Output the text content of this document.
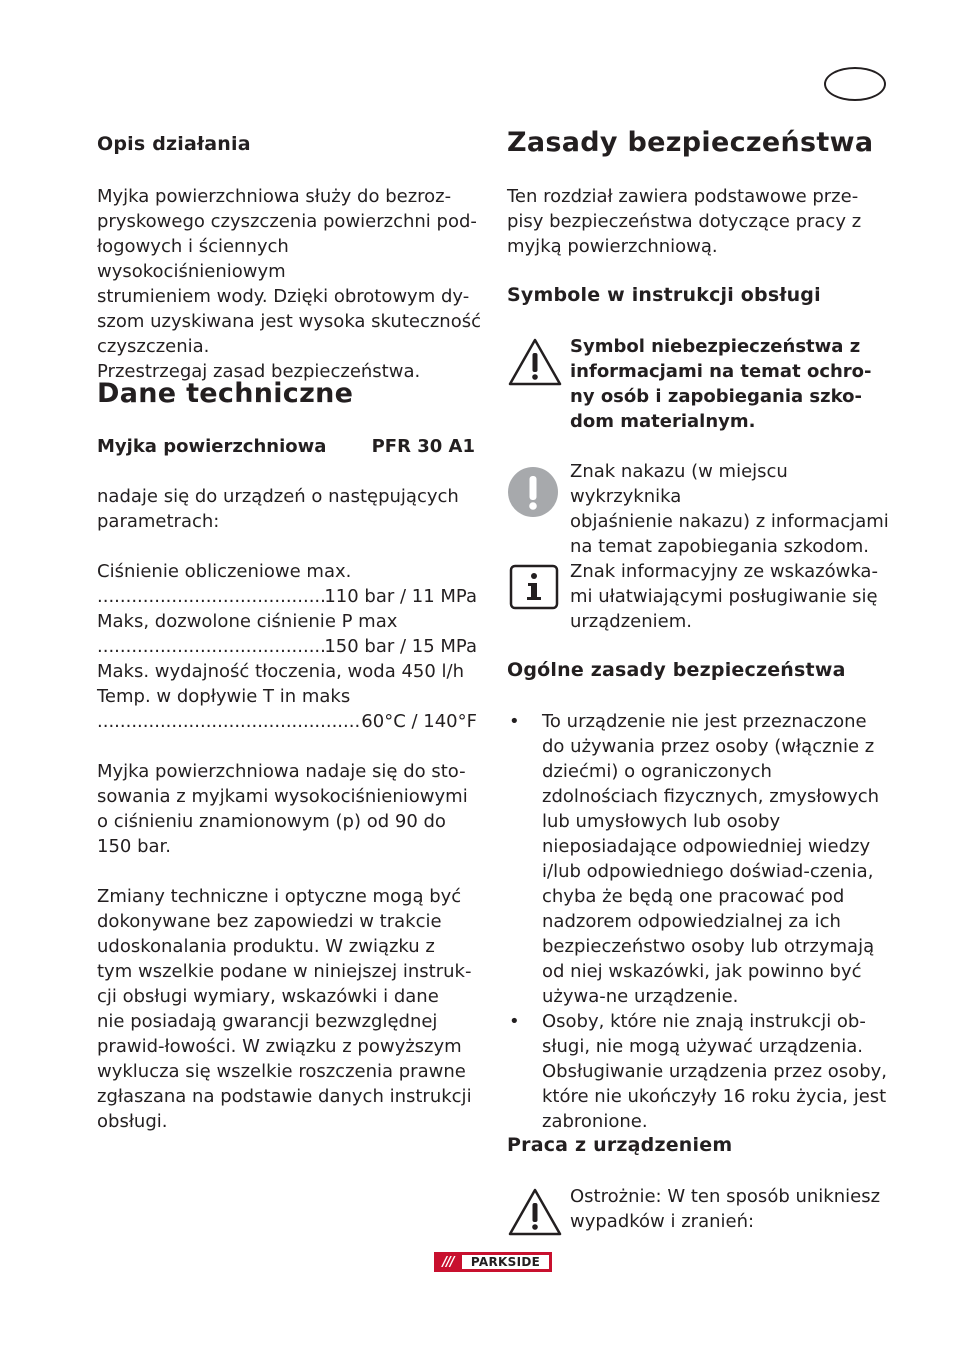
Opis działania
Myjka powierzchniowa służy do bezroz-
pryskowego czyszczenia powierzchni pod-
łogowych i ściennych wysokociśnieniowym
strumieniem wody. Dzięki obrotowym dy-
szom uzyskiwana jest wysoka skuteczność
czyszczenia.
Przestrzegaj zasad bezpieczeństwa.
Dane techniczne
Myjka powierzchniowa	PFR 30 A1
nadaje się do urządzeń o następujących
parametrach:
Ciśnienie obliczeniowe max.
.....
110 bar / 11 MPa
Maks, dozwolone ciśnienie P max
.....
150 bar / 15 MPa
Maks. wydajność tłoczenia, woda 450 l/h
Temp. w dopływie T in maks
.....
60°C / 140°F
Myjka powierzchniowa nadaje się do sto-
sowania z myjkami wysokociśnieniowymi
o ciśnieniu znamionowym (p) od 90 do
150 bar.
Zmiany techniczne i optyczne mogą być
dokonywane bez zapowiedzi w trakcie
udoskonalania produktu. W związku z
tym wszelkie podane w niniejszej instruk-
cji obsługi wymiary, wskazówki i dane
nie posiadają gwarancji bezwzględnej
prawid-łowości. W związku z powyższym
wyklucza się wszelkie roszczenia prawne
zgłaszana na podstawie danych instrukcji
obsługi.
Zasady bezpieczeństwa
Ten rozdział zawiera podstawowe prze-
pisy bezpieczeństwa dotyczące pracy z
myjką powierzchniową.
Symbole w instrukcji obsługi
Symbol niebezpieczeństwa z
informacjami na temat ochro-
ny osób i zapobiegania szko-
dom materialnym.
Znak nakazu (w miejscu wykrzyknika
objaśnienie nakazu) z informacjami
na temat zapobiegania szkodom.
Znak informacyjny ze wskazówka-
mi ułatwiającymi posługiwanie się
urządzeniem.
Ogólne zasady bezpieczeństwa
• To urządzenie nie jest przeznaczone do używania przez osoby (włącznie z dziećmi) o ograniczonych zdolnościach fizycznych, zmysłowych lub umysłowych lub osoby nieposiadające odpowiedniej wiedzy i/lub odpowiedniego doświad-czenia, chyba że będą one pracować pod nadzorem odpowiedzialnej za ich bezpieczeństwo osoby lub otrzymają od niej wskazówki, jak powinno być używa-ne urządzenie.
• Osoby, które nie znają instrukcji ob-sługi, nie mogą używać urządzenia. Obsługiwanie urządzenia przez osoby, które nie ukończyły 16 roku życia, jest zabronione.
Praca z urządzeniem
Ostrożnie: W ten sposób unikniesz
wypadków i zranień:
///	PARKSIDE
